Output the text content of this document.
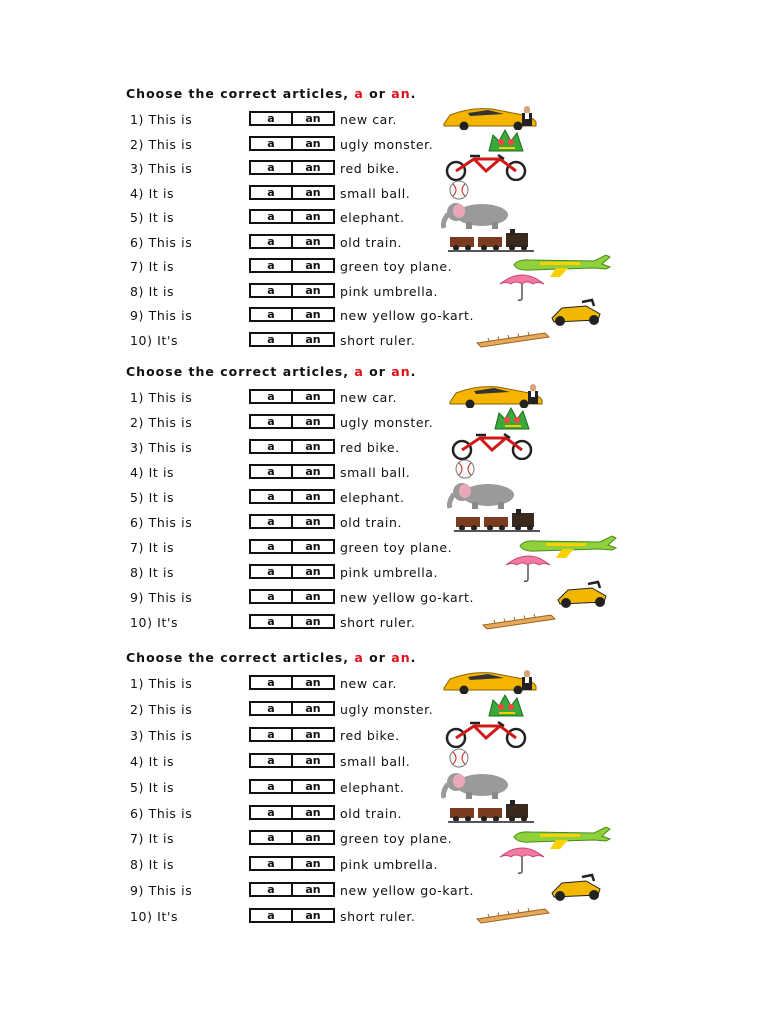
Choose the correct articles, a or an.
1) This is	a	an	new car.
2) This is	a	an	ugly monster.
3) This is	a	an	red bike.
4) It is	a	an	small ball.
5) It is	a	an	elephant.
6) This is	a	an	old train.
7) It is	a	an	green toy plane.
8) It is	a	an	pink umbrella.
9) This is	a	an	new yellow go-kart.
10) It's	a	an	short ruler.
Choose the correct articles, a or an.
1) This is	a	an	new car.
2) This is	a	an	ugly monster.
3) This is	a	an	red bike.
4) It is	a	an	small ball.
5) It is	a	an	elephant.
6) This is	a	an	old train.
7) It is	a	an	green toy plane.
8) It is	a	an	pink umbrella.
9) This is	a	an	new yellow go-kart.
10) It's	a	an	short ruler.
Choose the correct articles, a or an.
1) This is	a	an	new car.
2) This is	a	an	ugly monster.
3) This is	a	an	red bike.
4) It is	a	an	small ball.
5) It is	a	an	elephant.
6) This is	a	an	old train.
7) It is	a	an	green toy plane.
8) It is	a	an	pink umbrella.
9) This is	a	an	new yellow go-kart.
10) It's	a	an	short ruler.
